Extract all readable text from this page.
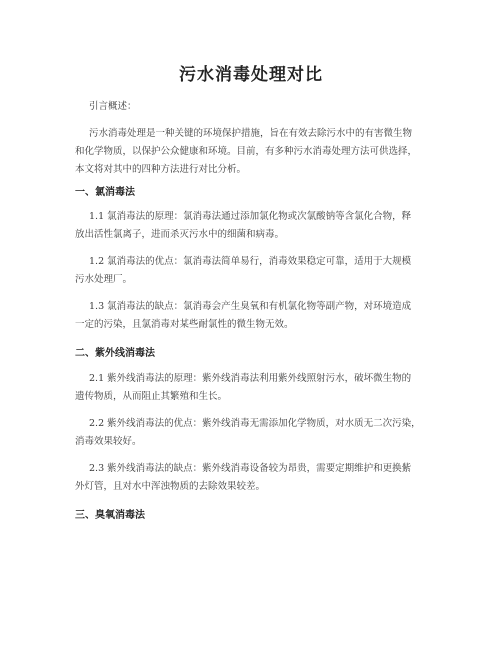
污水消毒处理对比
引言概述：
污水消毒处理是一种关键的环境保护措施，旨在有效去除污水中的有害微生物
和化学物质，以保护公众健康和环境。目前，有多种污水消毒处理方法可供选择，
本文将对其中的四种方法进行对比分析。
一、氯消毒法
1.1 氯消毒法的原理：氯消毒法通过添加氯化物或次氯酸钠等含氯化合物，释
放出活性氯离子，进而杀灭污水中的细菌和病毒。
1.2 氯消毒法的优点：氯消毒法简单易行，消毒效果稳定可靠，适用于大规模
污水处理厂。
1.3 氯消毒法的缺点：氯消毒会产生臭氧和有机氯化物等副产物，对环境造成
一定的污染，且氯消毒对某些耐氯性的微生物无效。
二、紫外线消毒法
2.1 紫外线消毒法的原理：紫外线消毒法利用紫外线照射污水，破坏微生物的
遗传物质，从而阻止其繁殖和生长。
2.2 紫外线消毒法的优点：紫外线消毒无需添加化学物质，对水质无二次污染，
消毒效果较好。
2.3 紫外线消毒法的缺点：紫外线消毒设备较为昂贵，需要定期维护和更换紫
外灯管，且对水中浑浊物质的去除效果较差。
三、臭氧消毒法
